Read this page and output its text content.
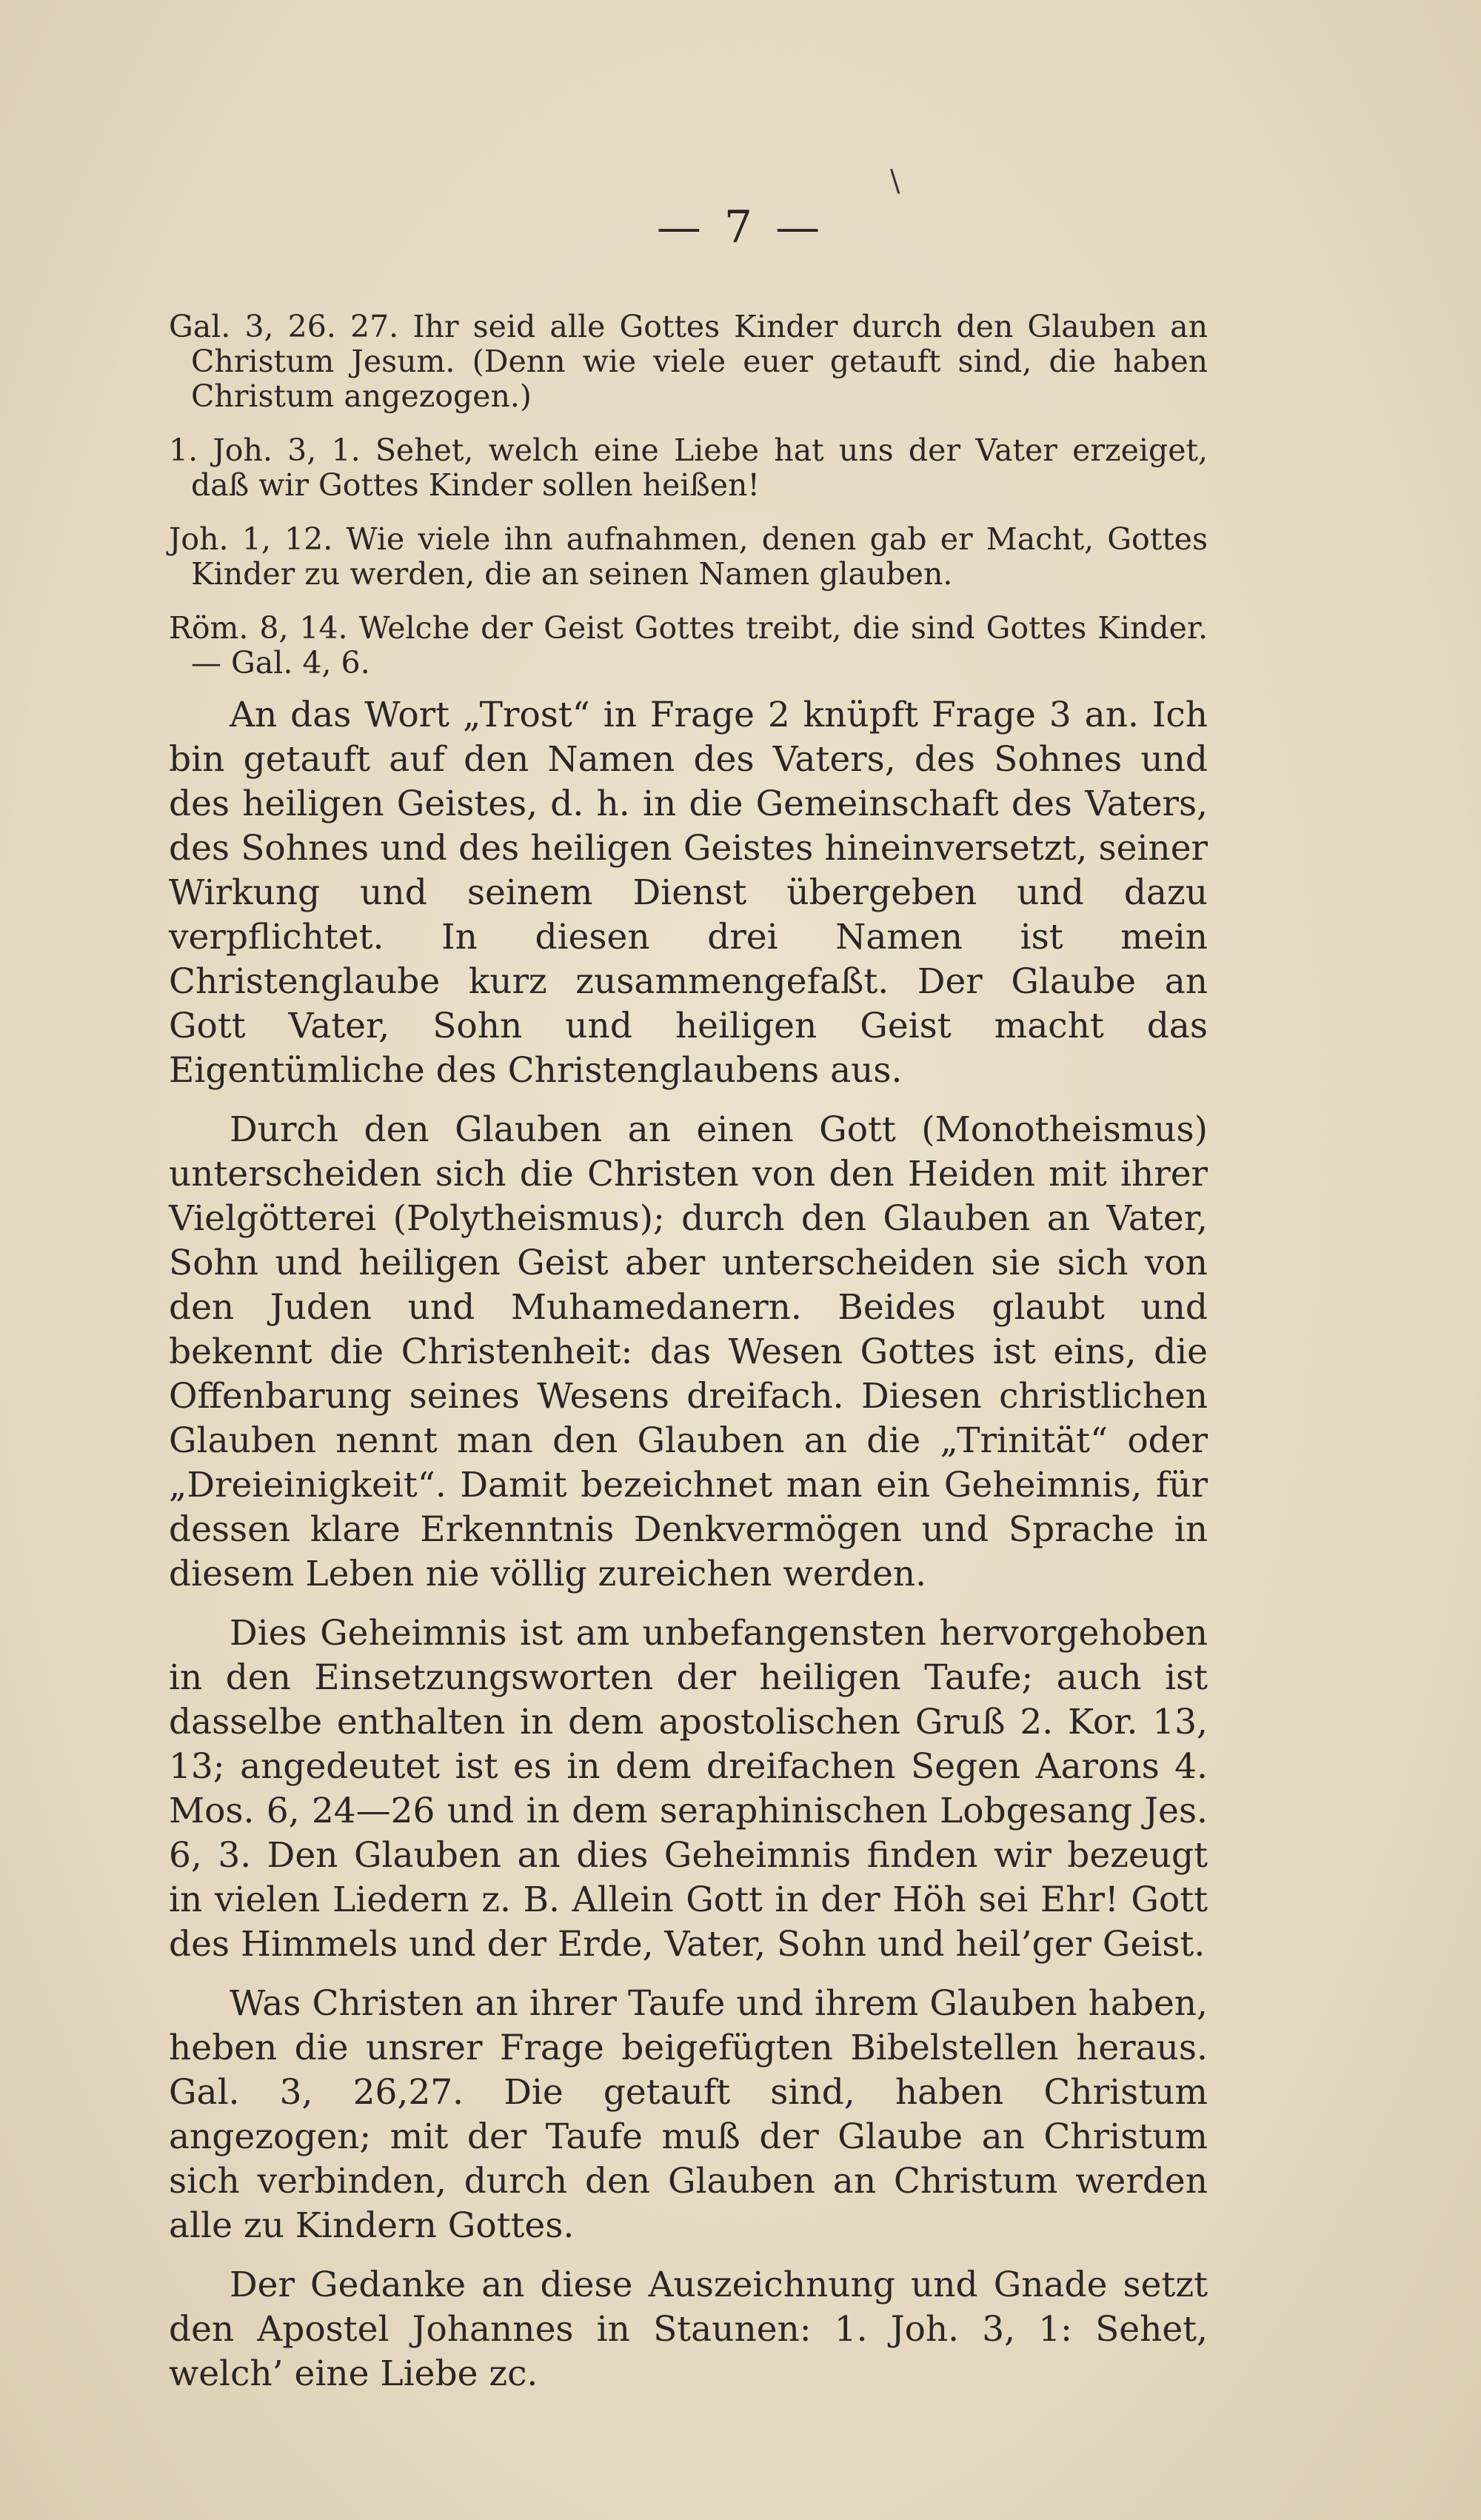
\
— 7 —

Gal. 3, 26. 27. Ihr seid alle Gottes Kinder durch den Glauben an Christum Jesum. (Denn wie viele euer getauft sind, die haben Christum angezogen.)

1. Joh. 3, 1. Sehet, welch eine Liebe hat uns der Vater erzeiget, daß wir Gottes Kinder sollen heißen!

Joh. 1, 12. Wie viele ihn aufnahmen, denen gab er Macht, Gottes Kinder zu werden, die an seinen Namen glauben.

Röm. 8, 14. Welche der Geist Gottes treibt, die sind Gottes Kinder. — Gal. 4, 6.

An das Wort „Trost“ in Frage 2 knüpft Frage 3 an. Ich bin getauft auf den Namen des Vaters, des Sohnes und des heiligen Geistes, d. h. in die Gemeinschaft des Vaters, des Sohnes und des heiligen Geistes hineinversetzt, seiner Wirkung und seinem Dienst übergeben und dazu verpflichtet. In diesen drei Namen ist mein Christenglaube kurz zusammengefaßt. Der Glaube an Gott Vater, Sohn und heiligen Geist macht das Eigentümliche des Christenglaubens aus.

Durch den Glauben an einen Gott (Monotheismus) unterscheiden sich die Christen von den Heiden mit ihrer Vielgötterei (Polytheismus); durch den Glauben an Vater, Sohn und heiligen Geist aber unterscheiden sie sich von den Juden und Muhamedanern. Beides glaubt und bekennt die Christenheit: das Wesen Gottes ist eins, die Offenbarung seines Wesens dreifach. Diesen christlichen Glauben nennt man den Glauben an die „Trinität“ oder „Dreieinigkeit“. Damit bezeichnet man ein Geheimnis, für dessen klare Erkenntnis Denkvermögen und Sprache in diesem Leben nie völlig zureichen werden.

Dies Geheimnis ist am unbefangensten hervorgehoben in den Einsetzungsworten der heiligen Taufe; auch ist dasselbe enthalten in dem apostolischen Gruß 2. Kor. 13, 13; angedeutet ist es in dem dreifachen Segen Aarons 4. Mos. 6, 24—26 und in dem seraphinischen Lobgesang Jes. 6, 3. Den Glauben an dies Geheimnis finden wir bezeugt in vielen Liedern z. B. Allein Gott in der Höh sei Ehr! Gott des Himmels und der Erde, Vater, Sohn und heil’ger Geist.

Was Christen an ihrer Taufe und ihrem Glauben haben, heben die unsrer Frage beigefügten Bibelstellen heraus. Gal. 3, 26,27. Die getauft sind, haben Christum angezogen; mit der Taufe muß der Glaube an Christum sich verbinden, durch den Glauben an Christum werden alle zu Kindern Gottes.

Der Gedanke an diese Auszeichnung und Gnade setzt den Apostel Johannes in Staunen: 1. Joh. 3, 1: Sehet, welch’ eine Liebe zc.
